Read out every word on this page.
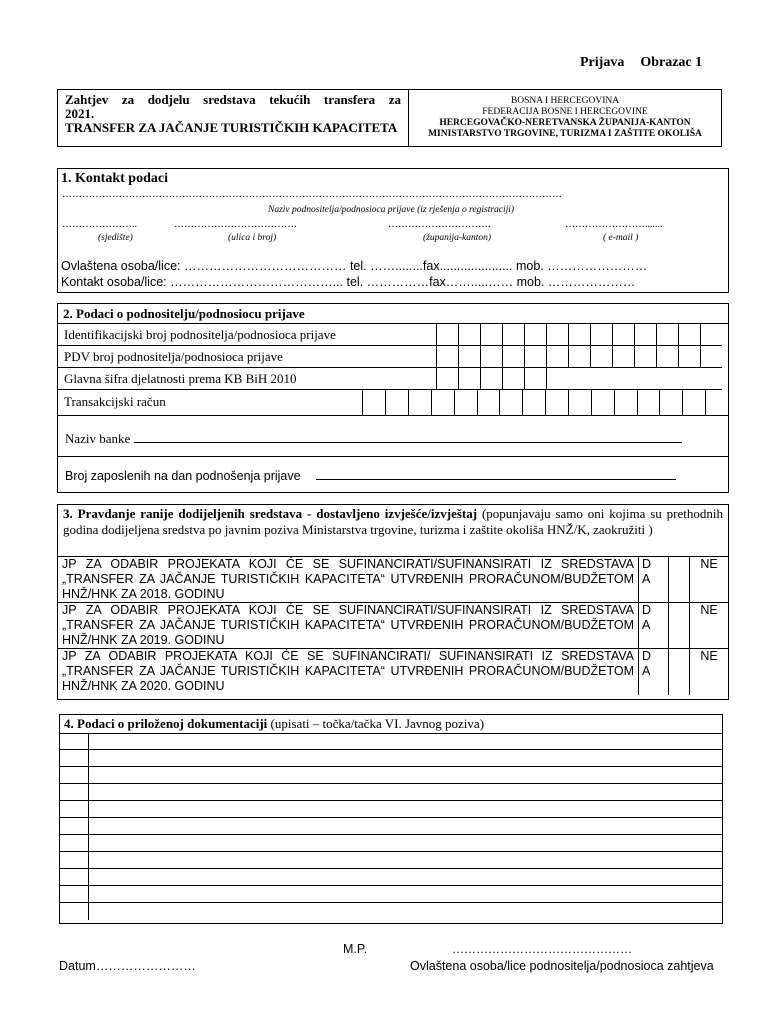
Prijava Obrazac 1
Zahtjev za dodjelu sredstava tekućih transfera za
2021.
TRANSFER ZA JAČANJE TURISTIČKIH KAPACITETA
BOSNA I HERCEGOVINA
FEDERACIJA BOSNE I HERCEGOVINE
HERCEGOVAČKO-NERETVANSKA ŽUPANIJA-KANTON
MINISTARSTVO TRGOVINE, TURIZMA I ZAŠTITE OKOLIŠA
1. Kontakt podaci
……………………………………………………………………………………………………………………………………
Naziv podnositelja/podnosioca prijave (iz rješenja o registraciji)
…………………..	……………………………….	………………………….	…………………….......
(sjedište)	(ulica i broj)	(županija-kanton)	( e-mail )
Ovlaštena osoba/lice: ………………………………… tel. ……........fax..................... mob. ……………………
Kontakt osoba/lice: …………………………………... tel. ……………fax…….....…… mob. …………………
2. Podaci o podnositelju/podnosiocu prijave
Identifikacijski broj podnositelja/podnosioca prijave													
PDV broj podnositelja/podnosioca prijave													
Glavna šifra djelatnosti prema KB BiH 2010													
Transakcijski račun																
Naziv banke
Broj zaposlenih na dan podnošenja prijave
3. Pravdanje ranije dodijeljenih sredstava - dostavljeno izvješće/izvještaj (popunjavaju samo oni kojima su prethodnih godina dodijeljena sredstva po javnim poziva Ministarstva trgovine, turizma i zaštite okoliša HNŽ/K, zaokružiti )
JP ZA ODABIR PROJEKATA KOJI ĆE SE SUFINANCIRATI/SUFINANSIRATI IZ SREDSTAVA „TRANSFER ZA JAČANJE TURISTIČKIH KAPACITETA“ UTVRĐENIH PRORAČUNOM/BUDŽETOM HNŽ/HNK ZA 2018. GODINU	D
A		NE
JP ZA ODABIR PROJEKATA KOJI ĆE SE SUFINANCIRATI/SUFINANSIRATI IZ SREDSTAVA „TRANSFER ZA JAČANJE TURISTIČKIH KAPACITETA“ UTVRĐENIH PRORAČUNOM/BUDŽETOM HNŽ/HNK ZA 2019. GODINU	D
A		NE
JP ZA ODABIR PROJEKATA KOJI ĆE SE SUFINANCIRATI/ SUFINANSIRATI IZ SREDSTAVA „TRANSFER ZA JAČANJE TURISTIČKIH KAPACITETA“ UTVRĐENIH PRORAČUNOM/BUDŽETOM HNŽ/HNK ZA 2020. GODINU	D
A		NE
4. Podaci o priloženoj dokumentaciji (upisati – točka/tačka VI. Javnog poziva)

M.P.	………………………………………
Datum……………………	Ovlaštena osoba/lice podnositelja/podnosioca zahtjeva
